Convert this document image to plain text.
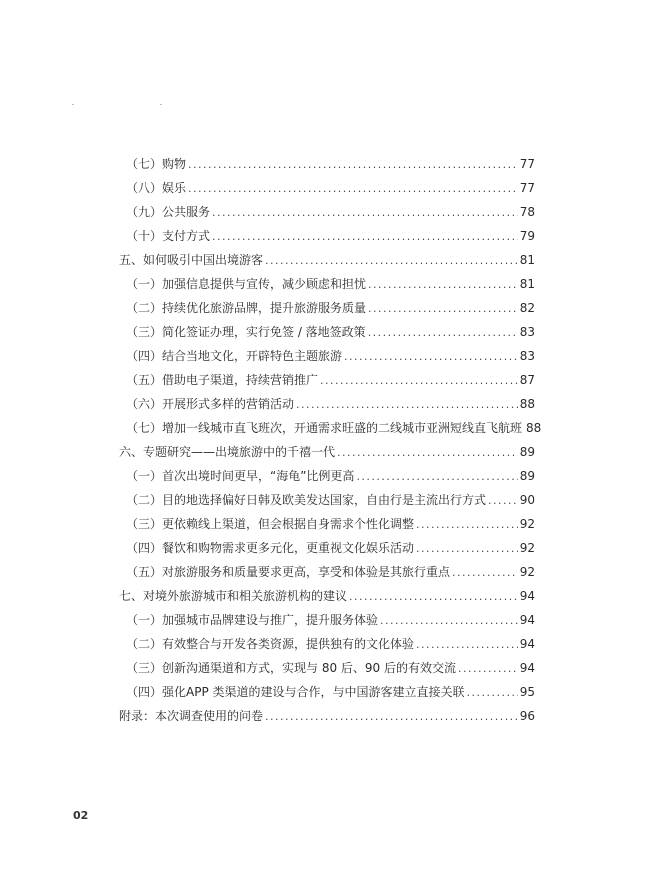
（七）购物 . . .	77
（八）娱乐 . . .	77
（九）公共服务 . . .	78
（十）支付方式 . . .	79
五、如何吸引中国出境游客 . . .	81
（一）加强信息提供与宣传，减少顾虑和担忧 . . .	81
（二）持续优化旅游品牌，提升旅游服务质量 . . .	82
（三）简化签证办理，实行免签 / 落地签政策 . . .	83
（四）结合当地文化，开辟特色主题旅游 . . .	83
（五）借助电子渠道，持续营销推广 . . .	87
（六）开展形式多样的营销活动 . . .	88
（七）增加一线城市直飞班次，开通需求旺盛的二线城市亚洲短线直飞航班 88
六、专题研究——出境旅游中的千禧一代 . . .	89
（一）首次出境时间更早，“海龟”比例更高 . . .	89
（二）目的地选择偏好日韩及欧美发达国家，自由行是主流出行方式 . . .	90
（三）更依赖线上渠道，但会根据自身需求个性化调整 . . .	92
（四）餐饮和购物需求更多元化，更重视文化娱乐活动 . . .	92
（五）对旅游服务和质量要求更高，享受和体验是其旅行重点 . . .	92
七、对境外旅游城市和相关旅游机构的建议 . . .	94
（一）加强城市品牌建设与推广，提升服务体验 . . .	94
（二）有效整合与开发各类资源，提供独有的文化体验 . . .	94
（三）创新沟通渠道和方式，实现与 80 后、90 后的有效交流 . . .	94
（四）强化APP 类渠道的建设与合作，与中国游客建立直接关联 . . .	95
附录：本次调查使用的问卷 . . .	96
02
